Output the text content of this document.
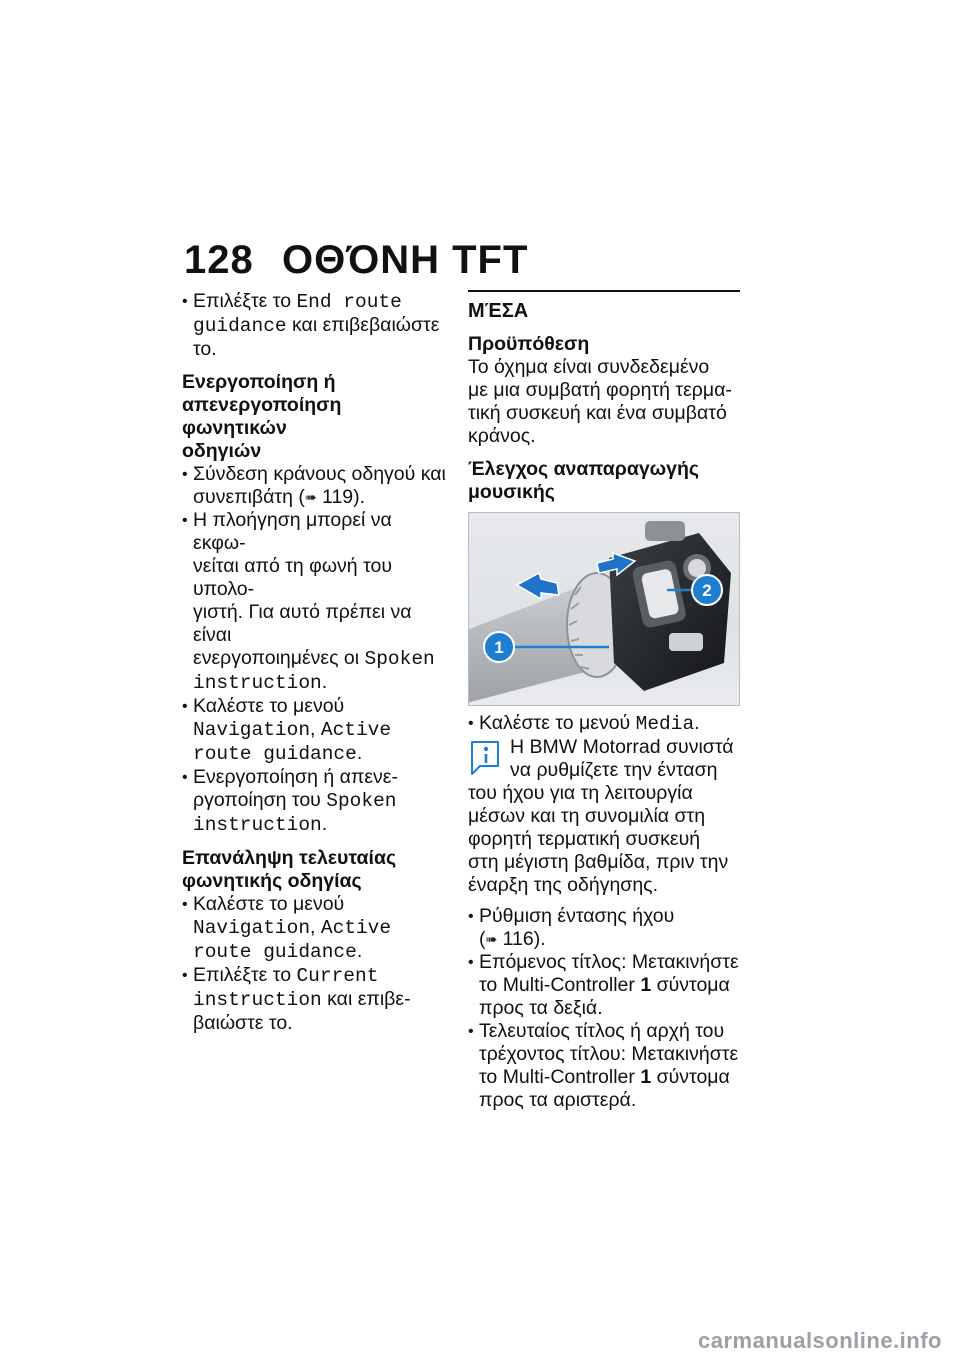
128 ΟΘΌΝΗ TFT

• Επιλέξτε το End route
guidance και επιβεβαιώστε
το.

Ενεργοποίηση ή
απενεργοποίηση φωνητικών
οδηγιών

• Σύνδεση κράνους οδηγού και
συνεπιβάτη (➠ 119).

• Η πλοήγηση μπορεί να εκφω-
νείται από τη φωνή του υπολο-
γιστή. Για αυτό πρέπει να είναι
ενεργοποιημένες οι Spoken
instruction.

• Καλέστε το μενού
Navigation, Active
route guidance.

• Ενεργοποίηση ή απενε-
ργοποίηση του Spoken
instruction.

Επανάληψη τελευταίας
φωνητικής οδηγίας

• Καλέστε το μενού
Navigation, Active
route guidance.

• Επιλέξτε το Current
instruction και επιβε-
βαιώστε το.

ΜΈΣΑ
Προϋπόθεση
Το όχημα είναι συνδεδεμένο
με μια συμβατή φορητή τερμα-
τική συσκευή και ένα συμβατό
κράνος.
Έλεγχος αναπαραγωγής
μουσικής
1
2

• Καλέστε το μενού Media.

Η BMW Motorrad συνιστά
να ρυθμίζετε την ένταση
του ήχου για τη λειτουργία
μέσων και τη συνομιλία στη
φορητή τερματική συσκευή
στη μέγιστη βαθμίδα, πριν την
έναρξη της οδήγησης.

• Ρύθμιση έντασης ήχου
(➠ 116).

• Επόμενος τίτλος: Μετακινήστε
το Multi-Controller 1 σύντομα
προς τα δεξιά.

• Τελευταίος τίτλος ή αρχή του
τρέχοντος τίτλου: Μετακινήστε
το Multi-Controller 1 σύντομα
προς τα αριστερά.

carmanualsonline.info
